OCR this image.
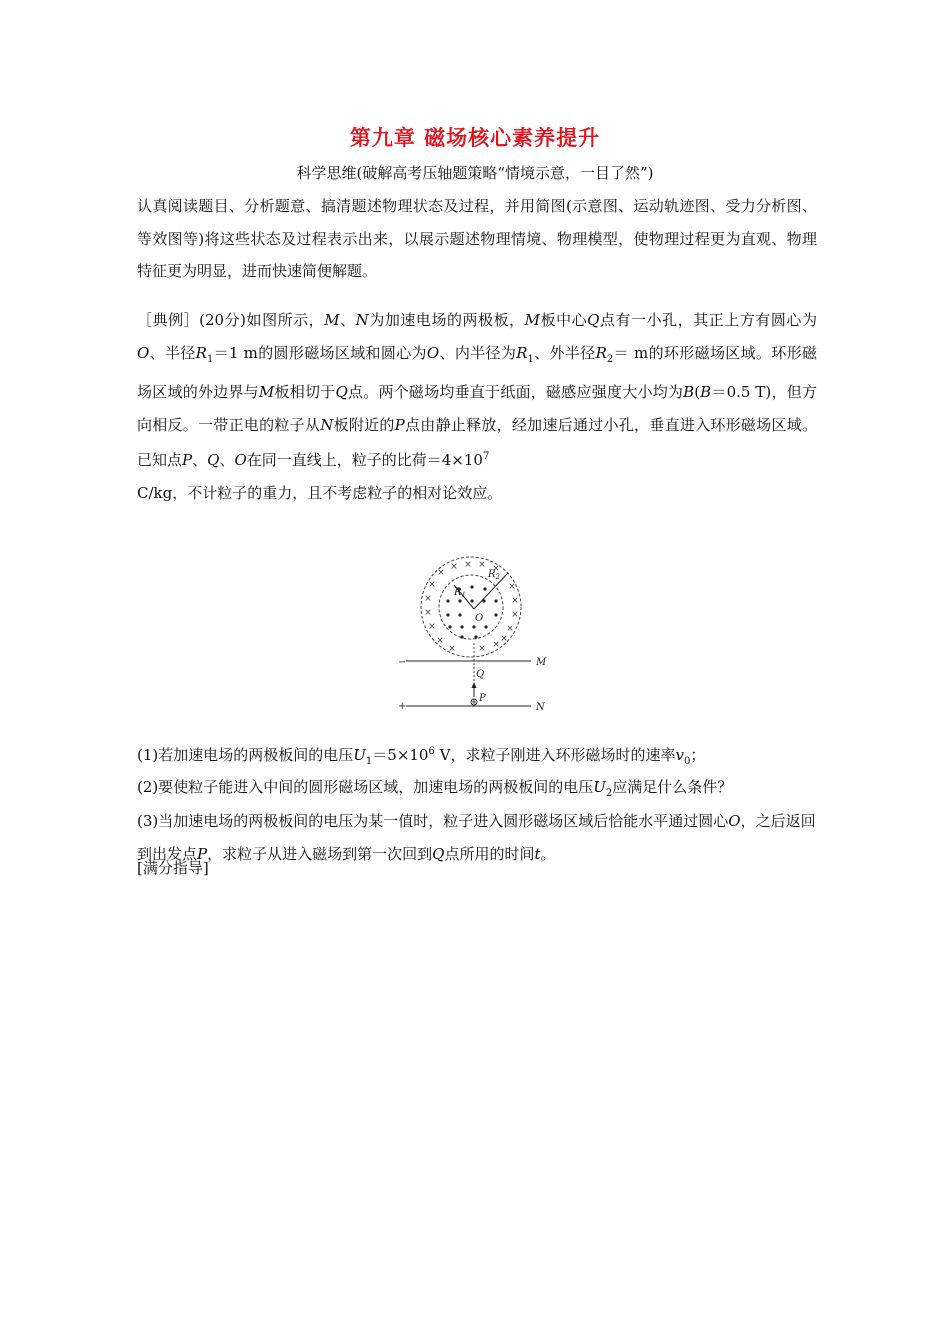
第九章 磁场核心素养提升
科学思维(破解高考压轴题策略“情境示意，一目了然”)
认真阅读题目、分析题意、搞清题述物理状态及过程，并用简图(示意图、运动轨迹图、受力分析图、等效图等)将这些状态及过程表示出来，以展示题述物理情境、物理模型，使物理过程更为直观、物理特征更为明显，进而快速简便解题。
［典例］(20分)如图所示，M、N为加速电场的两极板，M板中心Q点有一小孔，其正上方有圆心为O、半径$R_1=1$ m的圆形磁场区域和圆心为O、内半径为$R_1$、外半径$R_2= m$的环形磁场区域。环形磁场区域的外边界与M板相切于Q点。两个磁场均垂直于纸面，磁感应强度大小均为B(B＝0.5 T)，但方向相反。一带正电的粒子从N板附近的P点由静止释放，经加速后通过小孔，垂直进入环形磁场区域。已知点P、Q、O在同一直线上，粒子的比荷$=4\times 10^7$
C/kg，不计粒子的重力，且不考虑粒子的相对论效应。
×
× × × ×
×
×
×
×
×
×
×
×
×
× × ×
×
$R_1$
$R_2$
O
−	M
Q
P
+	N
(1)若加速电场的两极板间的电压$U_1=5\times 10^6$ V，求粒子刚进入环形磁场时的速率$v_0$；
(2)要使粒子能进入中间的圆形磁场区域，加速电场的两极板间的电压$U_2$应满足什么条件？
(3)当加速电场的两极板间的电压为某一值时，粒子进入圆形磁场区域后恰能水平通过圆心O，之后返回到出发点P，求粒子从进入磁场到第一次回到Q点所用的时间t。
[满分指导]
